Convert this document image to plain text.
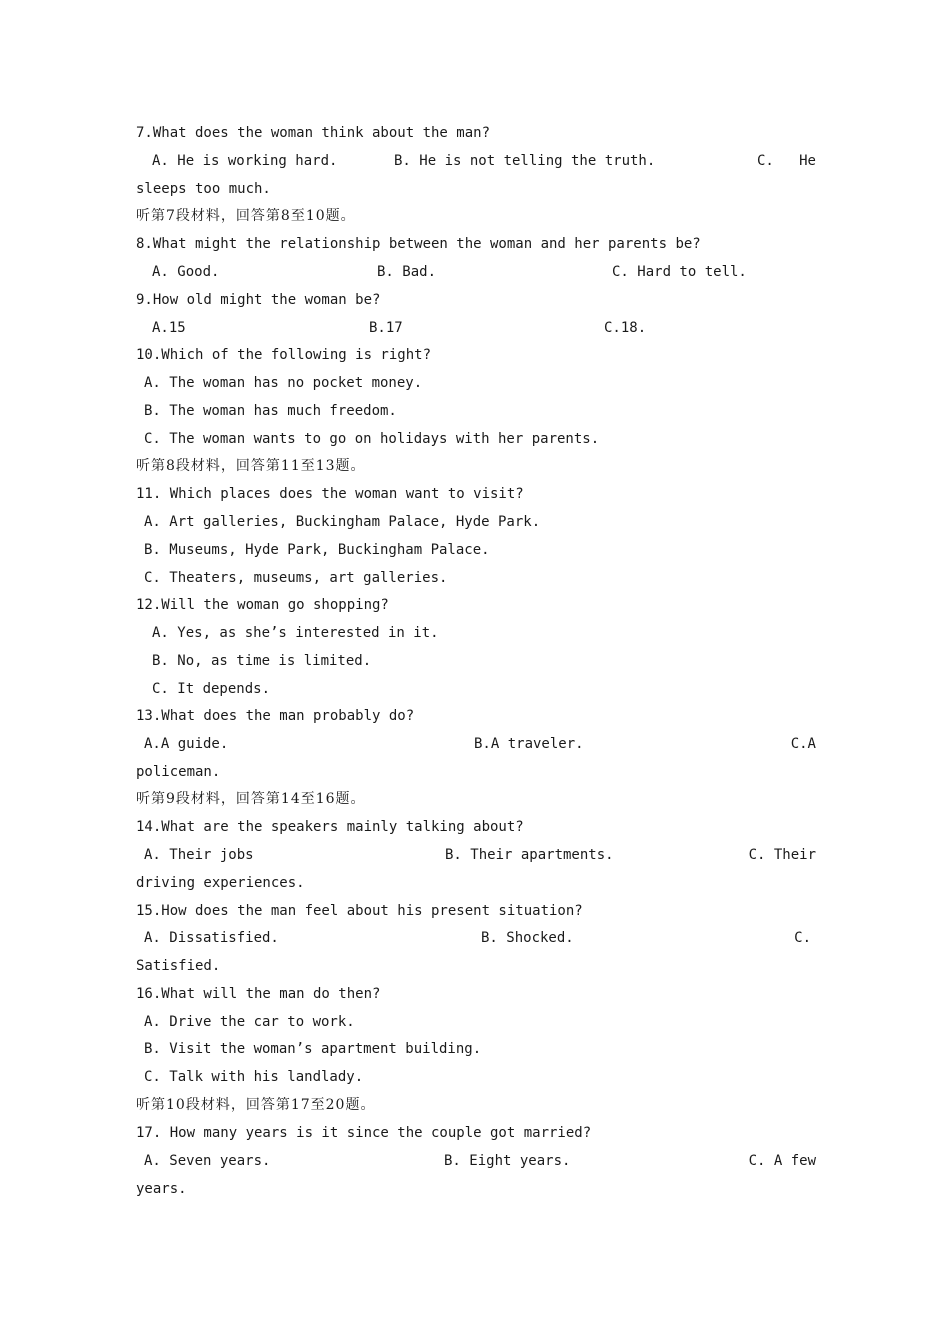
7.What does the woman think about the man?

A. He is working hard.

	B. He is not telling the truth.

	C.   He

sleeps too much.
听第7段材料，回答第8至10题。
8.What might the relationship between the woman and her parents be?

A. Good.

	B. Bad.

	C. Hard to tell.

9.How old might the woman be?

A.15

	B.17

	C.18.

10.Which of the following is right?

A. The woman has no pocket money.

B. The woman has much freedom.

C. The woman wants to go on holidays with her parents.

听第8段材料，回答第11至13题。
11. Which places does the woman want to visit?

A. Art galleries, Buckingham Palace, Hyde Park.

B. Museums, Hyde Park, Buckingham Palace.

C. Theaters, museums, art galleries.

12.Will the woman go shopping?

A. Yes, as she’s interested in it.

B. No, as time is limited.

C. It depends.

13.What does the man probably do?

A.A guide.

	B.A traveler.

	C.A

policeman.
听第9段材料，回答第14至16题。
14.What are the speakers mainly talking about?

A. Their jobs

	B. Their apartments.

	C. Their

driving experiences.
15.How does the man feel about his present situation?

A. Dissatisfied.

	B. Shocked.

	C.

Satisfied.
16.What will the man do then?

A. Drive the car to work.

B. Visit the woman’s apartment building.

C. Talk with his landlady.

听第10段材料，回答第17至20题。
17. How many years is it since the couple got married?

A. Seven years.

	B. Eight years.

	C. A few

years.
